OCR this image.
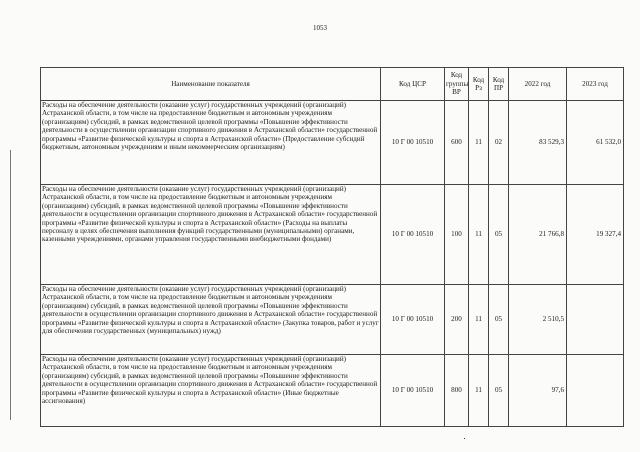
1053
Наименование показателя	Код ЦСР	Код группы ВР	Код Рз	Код ПР	2022 год	2023 год
Расходы на обеспечение деятельности (оказание услуг) государственных учреждений (организаций) Астраханской области, в том числе на предоставление бюджетным и автономным учреждениям (организациям) субсидий, в рамках ведомственной целевой программы «Повышение эффективности деятельности в осуществлении организации спортивного движения в Астраханской области» государственной программы «Развитие физической культуры и спорта в Астраханской области» (Предоставление субсидий бюджетным, автономным учреждениям и иным некоммерческим организациям)	10 Г 00 10510	600	11	02	83 529,3	61 532,0
Расходы на обеспечение деятельности (оказание услуг) государственных учреждений (организаций) Астраханской области, в том числе на предоставление бюджетным и автономным учреждениям (организациям) субсидий, в рамках ведомственной целевой программы «Повышение эффективности деятельности в осуществлении организации спортивного движения в Астраханской области» государственной программы «Развитие физической культуры и спорта в Астраханской области» (Расходы на выплаты персоналу в целях обеспечения выполнения функций государственными (муниципальными) органами, казенными учреждениями, органами управления государственными внебюджетными фондами)	10 Г 00 10510	100	11	05	21 766,8	19 327,4
Расходы на обеспечение деятельности (оказание услуг) государственных учреждений (организаций) Астраханской области, в том числе на предоставление бюджетным и автономным учреждениям (организациям) субсидий, в рамках ведомственной целевой программы «Повышение эффективности деятельности в осуществлении организации спортивного движения в Астраханской области» государственной программы «Развитие физической культуры и спорта в Астраханской области» (Закупка товаров, работ и услуг для обеспечения государственных (муниципальных) нужд)	10 Г 00 10510	200	11	05	2 510,5	
Расходы на обеспечение деятельности (оказание услуг) государственных учреждений (организаций) Астраханской области, в том числе на предоставление бюджетным и автономным учреждениям (организациям) субсидий, в рамках ведомственной целевой программы «Повышение эффективности деятельности в осуществлении организации спортивного движения в Астраханской области» государственной программы «Развитие физической культуры и спорта в Астраханской области» (Иные бюджетные ассигнования)	10 Г 00 10510	800	11	05	97,6	
